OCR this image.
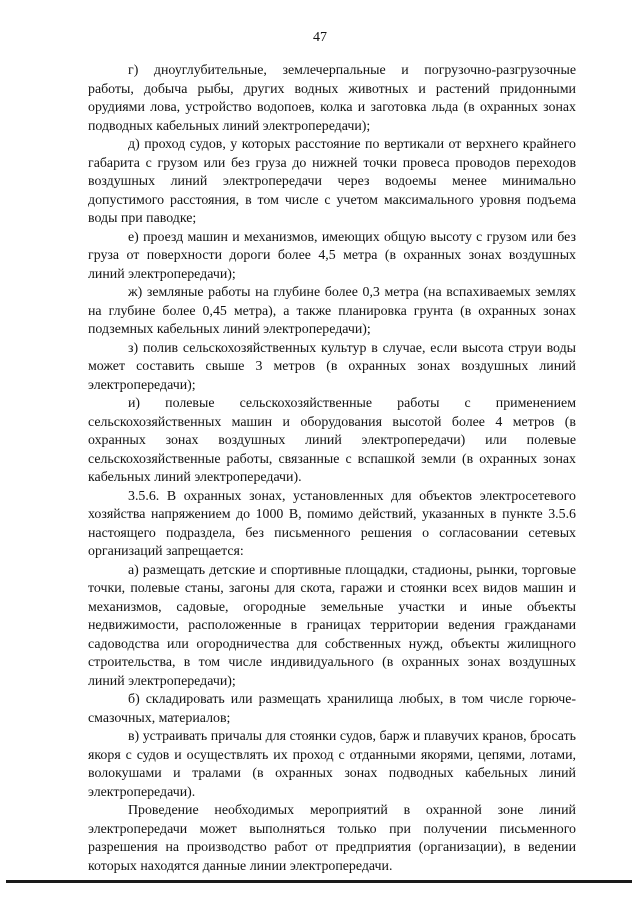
47

г) дноуглубительные, землечерпальные и погрузочно-разгрузочные работы, добыча рыбы, других водных животных и растений придонными орудиями лова, устройство водопоев, колка и заготовка льда (в охранных зонах подводных кабельных линий электропередачи);

д) проход судов, у которых расстояние по вертикали от верхнего крайнего габарита с грузом или без груза до нижней точки провеса проводов переходов воздушных линий электропередачи через водоемы менее минимально допустимого расстояния, в том числе с учетом максимального уровня подъема воды при паводке;

е) проезд машин и механизмов, имеющих общую высоту с грузом или без груза от поверхности дороги более 4,5 метра (в охранных зонах воздушных линий электропередачи);

ж) земляные работы на глубине более 0,3 метра (на вспахиваемых землях на глубине более 0,45 метра), а также планировка грунта (в охранных зонах подземных кабельных линий электропередачи);

з) полив сельскохозяйственных культур в случае, если высота струи воды может составить свыше 3 метров (в охранных зонах воздушных линий электропередачи);

и) полевые сельскохозяйственные работы с применением сельскохозяйственных машин и оборудования высотой более 4 метров (в охранных зонах воздушных линий электропередачи) или полевые сельскохозяйственные работы, связанные с вспашкой земли (в охранных зонах кабельных линий электропередачи).

3.5.6. В охранных зонах, установленных для объектов электросетевого хозяйства напряжением до 1000 В, помимо действий, указанных в пункте 3.5.6 настоящего подраздела, без письменного решения о согласовании сетевых организаций запрещается:

а) размещать детские и спортивные площадки, стадионы, рынки, торговые точки, полевые станы, загоны для скота, гаражи и стоянки всех видов машин и механизмов, садовые, огородные земельные участки и иные объекты недвижимости, расположенные в границах территории ведения гражданами садоводства или огородничества для собственных нужд, объекты жилищного строительства, в том числе индивидуального (в охранных зонах воздушных линий электропередачи);

б) складировать или размещать хранилища любых, в том числе горюче-смазочных, материалов;

в) устраивать причалы для стоянки судов, барж и плавучих кранов, бросать якоря с судов и осуществлять их проход с отданными якорями, цепями, лотами, волокушами и тралами (в охранных зонах подводных кабельных линий электропередачи).

Проведение необходимых мероприятий в охранной зоне линий электропередачи может выполняться только при получении письменного разрешения на производство работ от предприятия (организации), в ведении которых находятся данные линии электропередачи.
